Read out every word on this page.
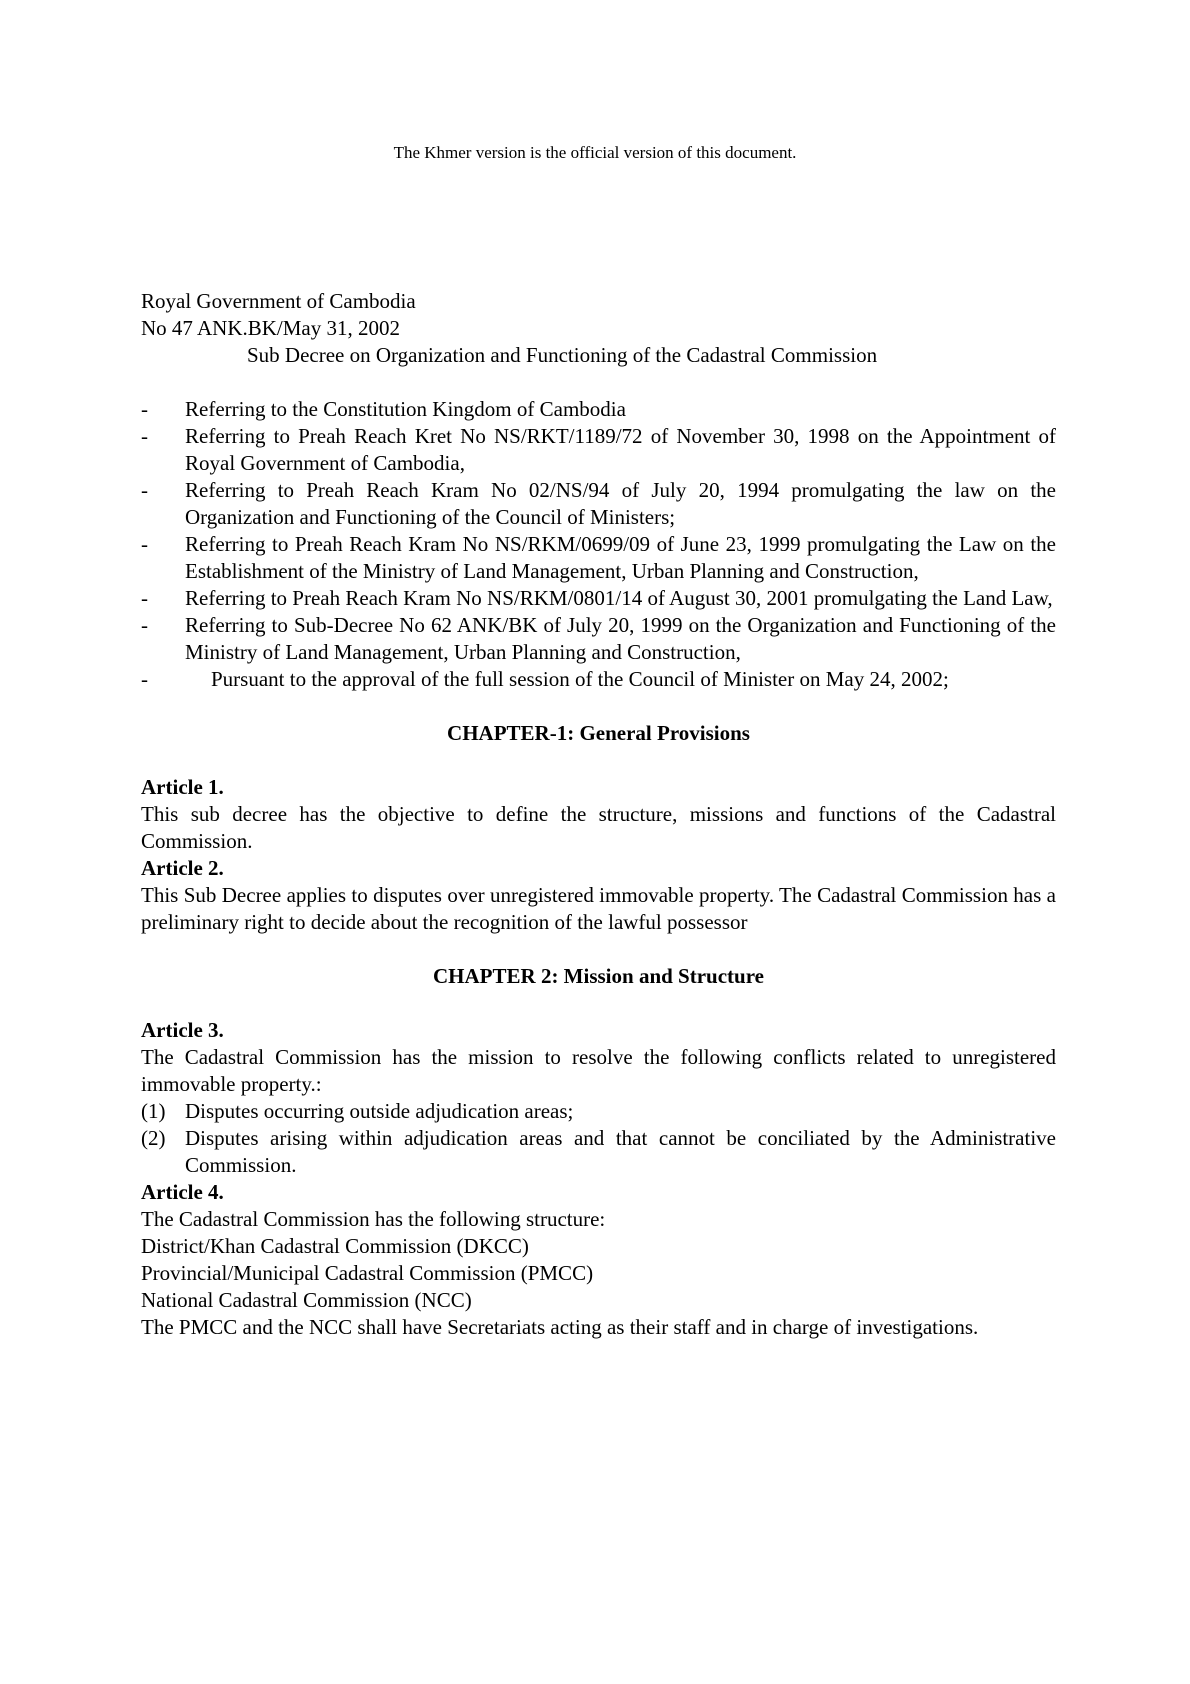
The Khmer version is the official version of this document.

Royal Government of Cambodia

No 47 ANK.BK/May 31, 2002

Sub Decree on Organization and Functioning of the Cadastral Commission

- Referring to the Constitution Kingdom of Cambodia
- Referring to Preah Reach Kret No NS/RKT/1189/72 of November 30, 1998 on the Appointment of Royal Government of Cambodia,
- Referring to Preah Reach Kram No 02/NS/94 of July 20, 1994 promulgating the law on the Organization and Functioning of the Council of Ministers;
- Referring to Preah Reach Kram No NS/RKM/0699/09 of June 23, 1999 promulgating the Law on the Establishment of the Ministry of Land Management, Urban Planning and Construction,
- Referring to Preah Reach Kram No NS/RKM/0801/14 of August 30, 2001 promulgating the Land Law,
- Referring to Sub-Decree No 62 ANK/BK of July 20, 1999 on the Organization and Functioning of the Ministry of Land Management, Urban Planning and Construction,
-	Pursuant to the approval of the full session of the Council of Minister on May 24, 2002;

CHAPTER-1: General Provisions

Article 1.

This sub decree has the objective to define the structure, missions and functions of the Cadastral Commission.

Article 2.

This Sub Decree applies to disputes over unregistered immovable property. The Cadastral Commission has a preliminary right to decide about the recognition of the lawful possessor

CHAPTER 2: Mission and Structure

Article 3.

The Cadastral Commission has the mission to resolve the following conflicts related to unregistered immovable property.:

(1) Disputes occurring outside adjudication areas;
(2) Disputes arising within adjudication areas and that cannot be conciliated by the Administrative Commission.

Article 4.

The Cadastral Commission has the following structure:

District/Khan Cadastral Commission (DKCC)

Provincial/Municipal Cadastral Commission (PMCC)

National Cadastral Commission (NCC)

The PMCC and the NCC shall have Secretariats acting as their staff and in charge of investigations.
